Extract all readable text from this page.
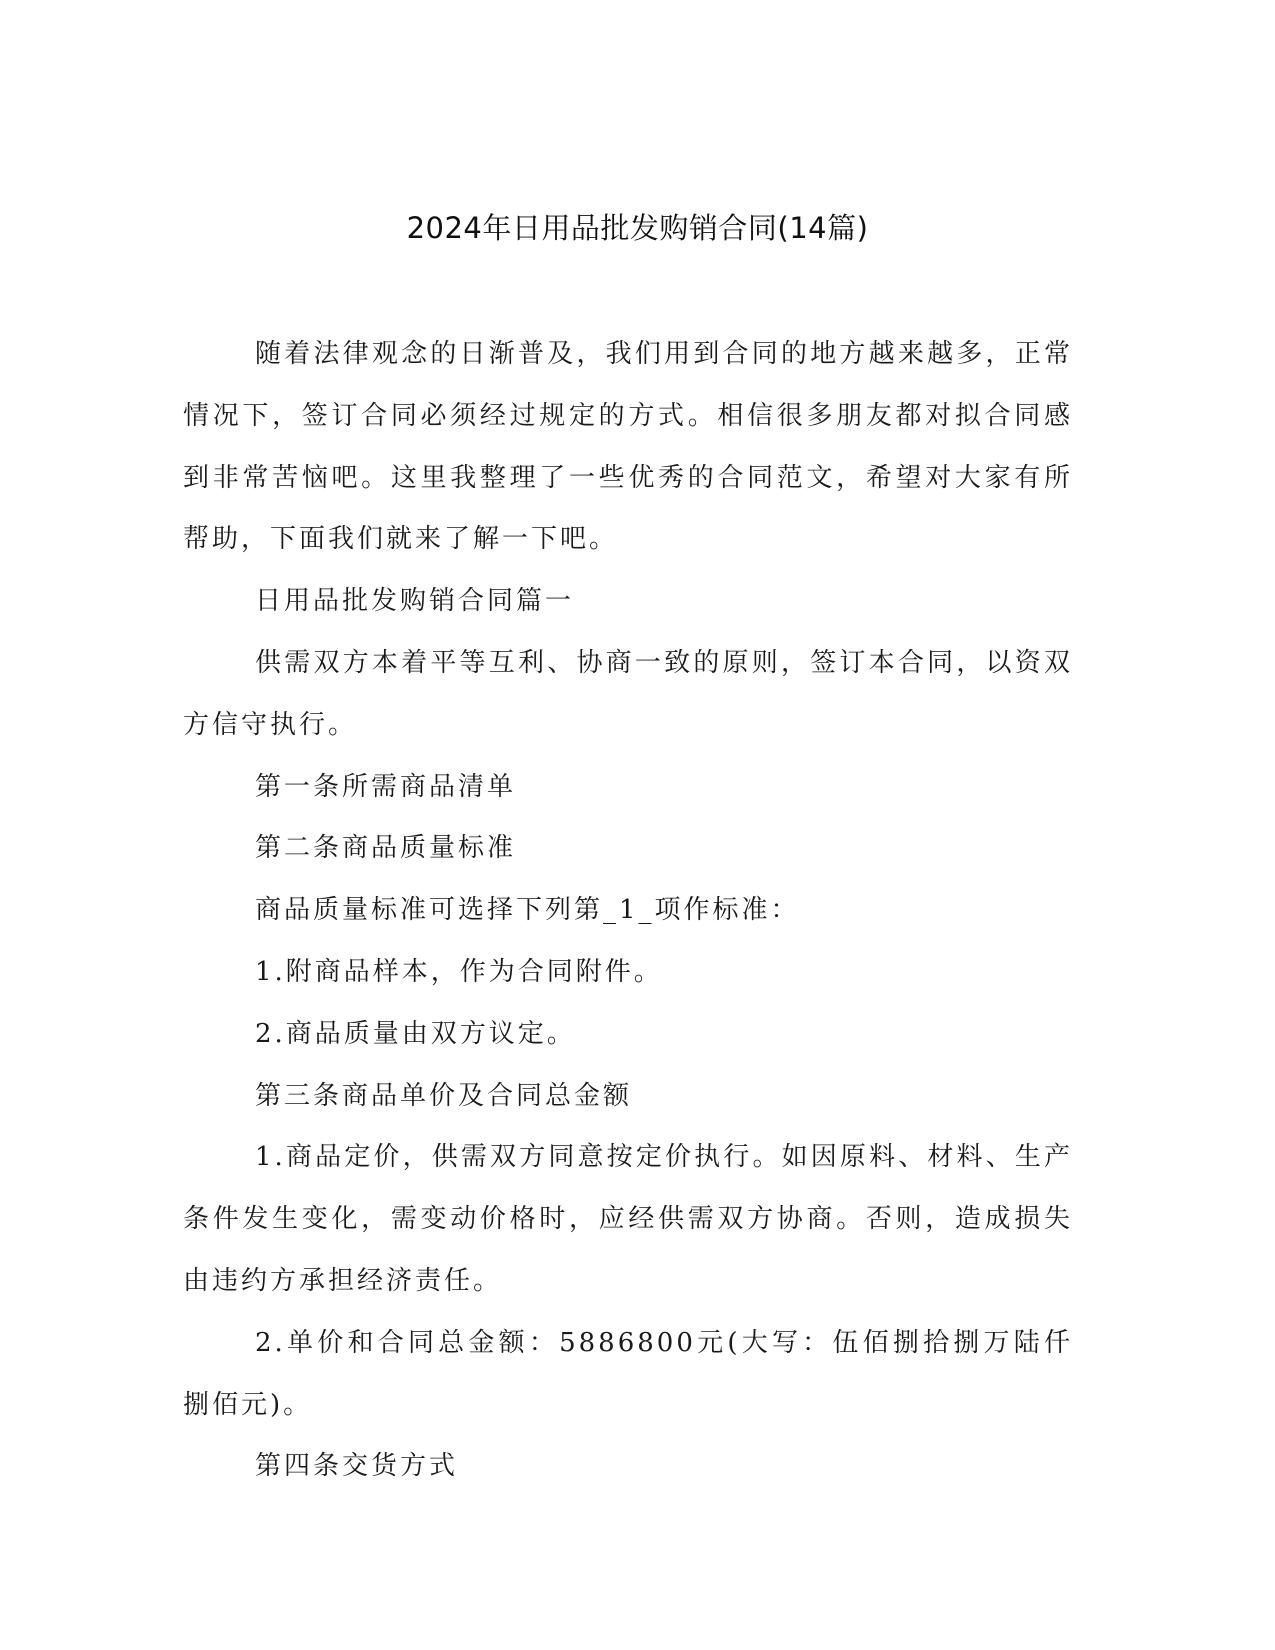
2024年日用品批发购销合同(14篇)

随着法律观念的日渐普及，我们用到合同的地方越来越多，正常情况下，签订合同必须经过规定的方式。相信很多朋友都对拟合同感到非常苦恼吧。这里我整理了一些优秀的合同范文，希望对大家有所帮助，下面我们就来了解一下吧。

日用品批发购销合同篇一

供需双方本着平等互利、协商一致的原则，签订本合同，以资双方信守执行。

第一条所需商品清单

第二条商品质量标准

商品质量标准可选择下列第_1_项作标准：

1.附商品样本，作为合同附件。

2.商品质量由双方议定。

第三条商品单价及合同总金额

1.商品定价，供需双方同意按定价执行。如因原料、材料、生产条件发生变化，需变动价格时，应经供需双方协商。否则，造成损失由违约方承担经济责任。

2.单价和合同总金额：5886800元(大写：伍佰捌拾捌万陆仟捌佰元)。

第四条交货方式
